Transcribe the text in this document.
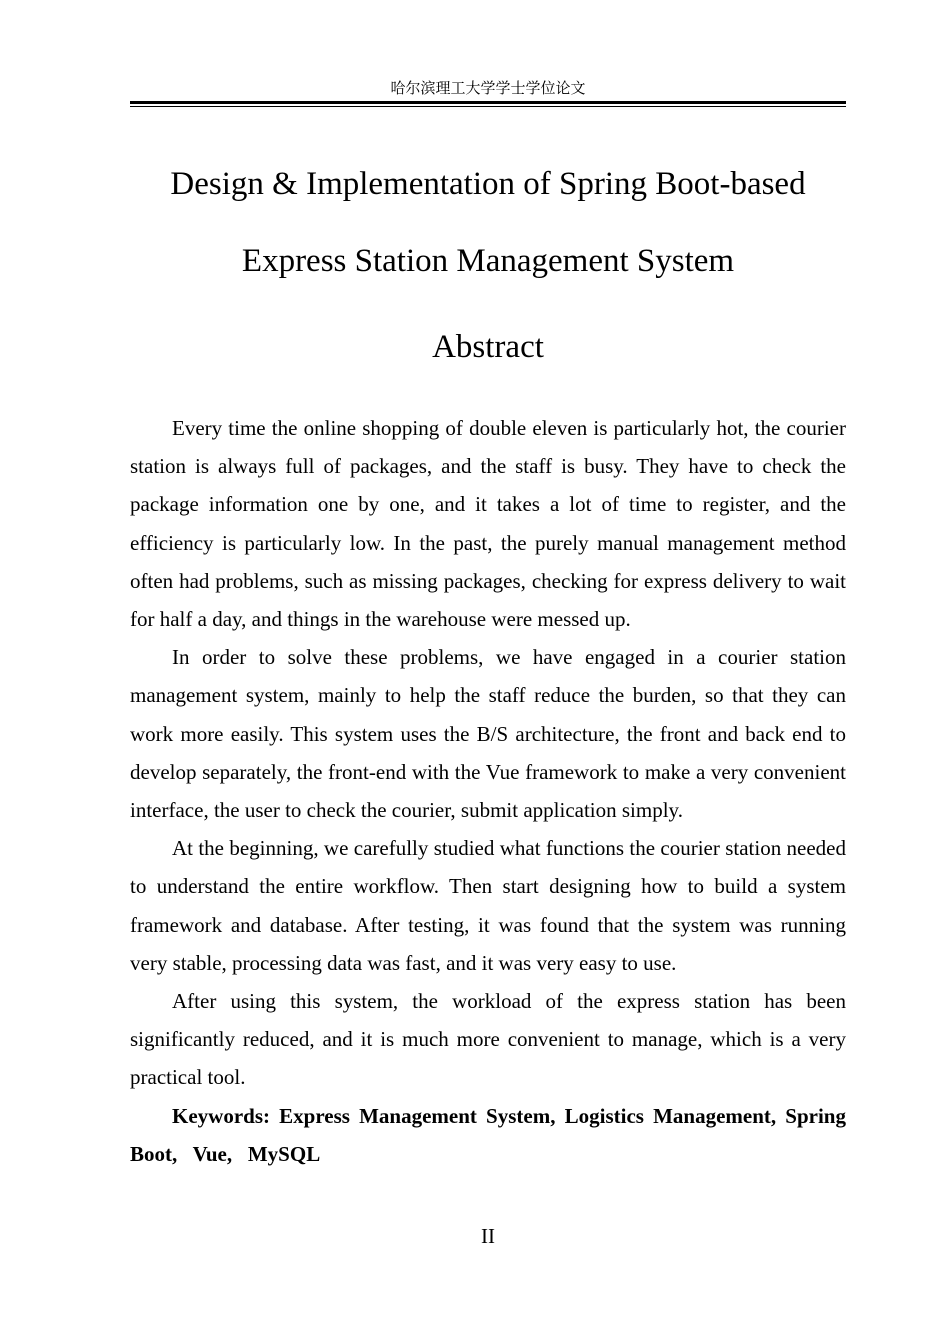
哈尔滨理工大学学士学位论文
Design & Implementation of Spring Boot-based
Express Station Management System
Abstract

Every time the online shopping of double eleven is particularly hot, the courier station is always full of packages, and the staff is busy. They have to check the package information one by one, and it takes a lot of time to register, and the efficiency is particularly low. In the past, the purely manual management method often had problems, such as missing packages, checking for express delivery to wait for half a day, and things in the warehouse were messed up.

In order to solve these problems, we have engaged in a courier station management system, mainly to help the staff reduce the burden, so that they can work more easily. This system uses the B/S architecture, the front and back end to develop separately, the front-end with the Vue framework to make a very convenient interface, the user to check the courier, submit application simply.

At the beginning, we carefully studied what functions the courier station needed to understand the entire workflow. Then start designing how to build a system framework and database. After testing, it was found that the system was running very stable, processing data was fast, and it was very easy to use.

After using this system, the workload of the express station has been significantly reduced, and it is much more convenient to manage, which is a very practical tool.

Keywords: Express Management System, Logistics Management, Spring Boot,   Vue,   MySQL

II
